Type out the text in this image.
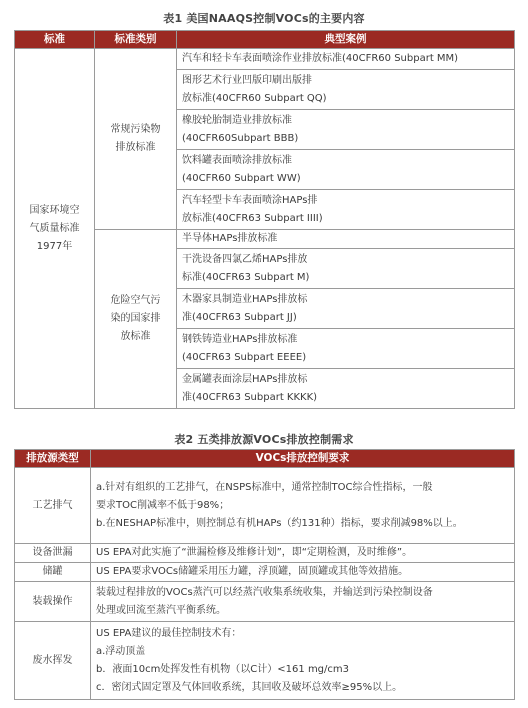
表1 美国NAAQS控制VOCs的主要内容
标准	标准类别	典型案例
国家环境空 气质量标准 1977年	常规污染物 排放标准	汽车和轻卡车表面喷涂作业排放标准(40CFR60 Subpart MM)

		图形艺术行业凹版印刷出版排
放标准(40CFR60 Subpart QQ)

		橡胶轮胎制造业排放标准
(40CFR60Subpart BBB)

		饮料罐表面喷涂排放标准
(40CFR60 Subpart WW)

		汽车轻型卡车表面喷涂HAPs排
放标准(40CFR63 Subpart IIII)

	危险空气污 染的国家排 放标准	半导体HAPs排放标准

		干洗设备四氯乙烯HAPs排放
标准(40CFR63 Subpart M)

		木器家具制造业HAPs排放标
准(40CFR63 Subpart JJ)

		钢铁铸造业HAPs排放标准
(40CFR63 Subpart EEEE)

		金属罐表面涂层HAPs排放标
准(40CFR63 Subpart KKKK)
表2 五类排放源VOCs排放控制需求
排放源类型	VOCs排放控制要求
工艺排气	a.针对有组织的工艺排气，在NSPS标准中，通常控制TOC综合性指标，一般
要求TOC削减率不低于98%；
b.在NESHAP标准中，则控制总有机HAPs（约131种）指标，要求削减98%以上。

设备泄漏	US EPA对此实施了“泄漏检修及维修计划”，即“定期检测，及时维修”。

储罐	US EPA要求VOCs储罐采用压力罐，浮顶罐，固顶罐或其他等效措施。

装载操作	装载过程排放的VOCs蒸汽可以经蒸汽收集系统收集，并输送到污染控制设备
处理或回流至蒸汽平衡系统。

废水挥发	US EPA建议的最佳控制技术有：
a.浮动顶盖
b．液面10cm处挥发性有机物（以C计）<161 mg/cm3
c．密闭式固定罩及气体回收系统，其回收及破坏总效率≥95%以上。
